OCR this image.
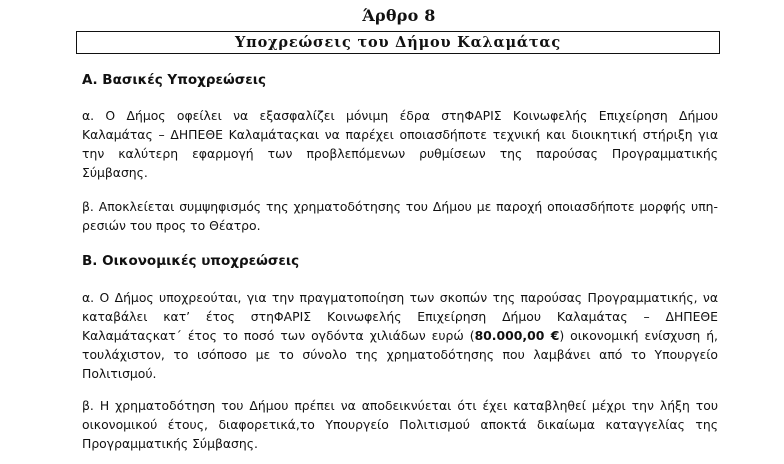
Άρθρο 8
Υποχρεώσεις του Δήμου Καλαμάτας
Α. Βασικές Υποχρεώσεις
α. Ο Δήμος οφείλει να εξασφαλίζει μόνιμη έδρα στηΦΑΡΙΣ Κοινωφελής Επιχείρηση Δήμου
Καλαμάτας – ΔΗΠΕΘΕ Καλαμάταςκαι να παρέχει οποιασδήποτε τεχνική και διοικητική στήριξη για
την καλύτερη εφαρμογή των προβλεπόμενων ρυθμίσεων της παρούσας Προγραμματικής
Σύμβασης.
β. Αποκλείεται συμψηφισμός της χρηματοδότησης του Δήμου με παροχή οποιασδήποτε μορφής υπη-
ρεσιών του προς το Θέατρο.
Β. Οικονομικές υποχρεώσεις
α. Ο Δήμος υποχρεούται, για την πραγματοποίηση των σκοπών της παρούσας Προγραμματικής, να
καταβάλει κατ’ έτος στηΦΑΡΙΣ Κοινωφελής Επιχείρηση Δήμου Καλαμάτας – ΔΗΠΕΘΕ
Καλαμάταςκατ΄ έτος το ποσό των ογδόντα χιλιάδων ευρώ (80.000,00 €) οικονομική ενίσχυση ή,
τουλάχιστον, το ισόποσο με το σύνολο της χρηματοδότησης που λαμβάνει από το Υπουργείο
Πολιτισμού.
β. Η χρηματοδότηση του Δήμου πρέπει να αποδεικνύεται ότι έχει καταβληθεί μέχρι την λήξη του
οικονομικού έτους, διαφορετικά,το Υπουργείο Πολιτισμού αποκτά δικαίωμα καταγγελίας της
Προγραμματικής Σύμβασης.
